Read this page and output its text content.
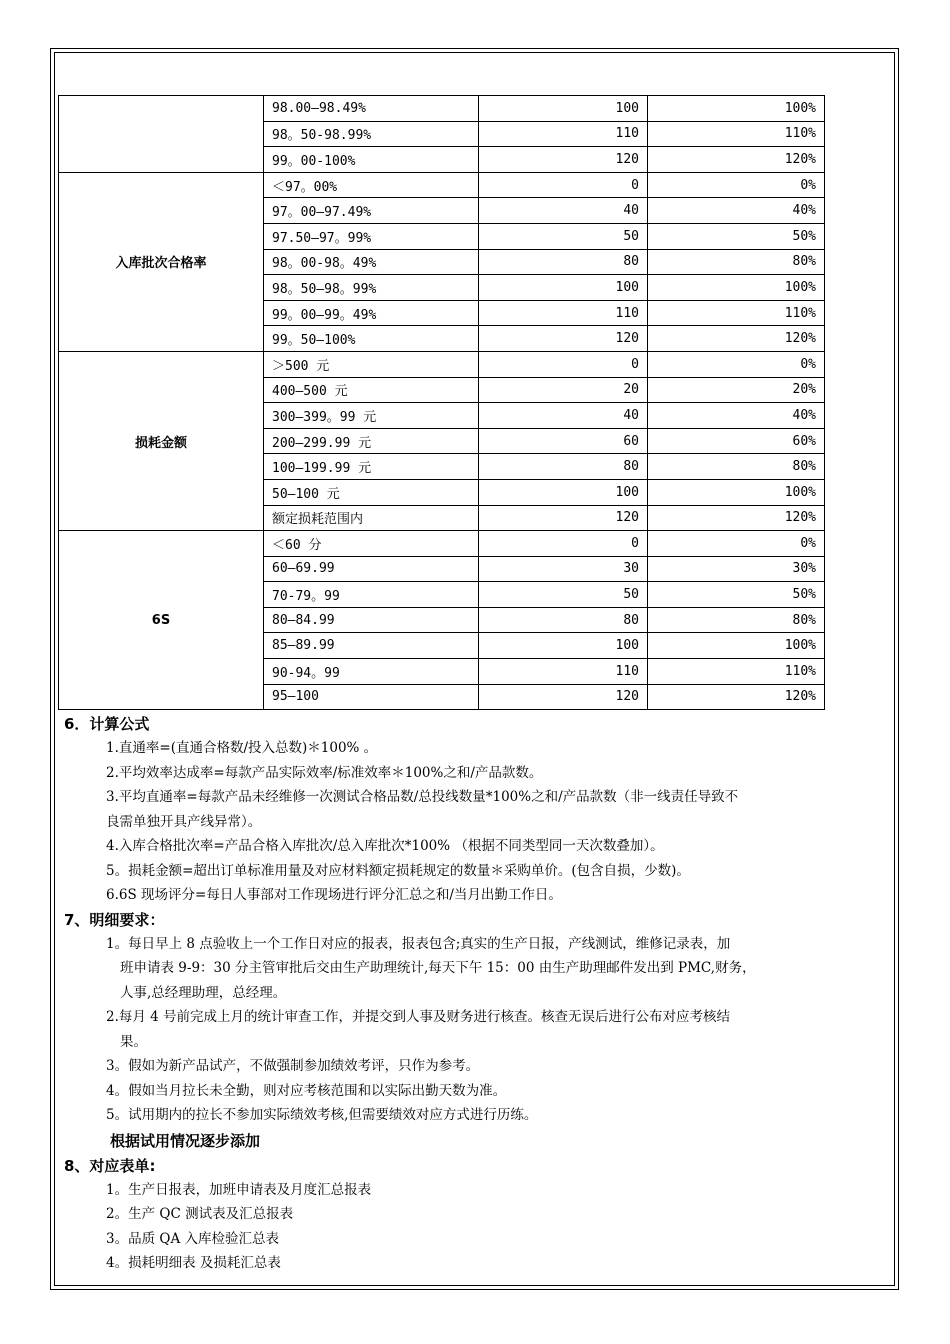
	98.00—98.49%	100	100%
	98。50-98.99%	110	110%
	99。00-100%	120	120%
入库批次合格率	＜97。00%	0	0%
	97。00—97.49%	40	40%
	97.50—97。99%	50	50%
	98。00-98。49%	80	80%
	98。50—98。99%	100	100%
	99。00—99。49%	110	110%
	99。50—100%	120	120%
损耗金额	＞500 元	0	0%
	400—500 元	20	20%
	300—399。99 元	40	40%
	200—299.99 元	60	60%
	100—199.99 元	80	80%
	50—100 元	100	100%
	额定损耗范围内	120	120%
6S	＜60 分	0	0%
	60—69.99	30	30%
	70-79。99	50	50%
	80—84.99	80	80%
	85—89.99	100	100%
	90-94。99	110	110%
	95—100	120	120%
6．计算公式
1.直通率=(直通合格数/投入总数)＊100% 。
2.平均效率达成率=每款产品实际效率/标准效率＊100%之和/产品款数。
3.平均直通率=每款产品未经维修一次测试合格品数/总投线数量*100%之和/产品款数（非一线责任导致不
良需单独开具产线异常）。
4.入库合格批次率=产品合格入库批次/总入库批次*100% （根据不同类型同一天次数叠加）。
5。损耗金额=超出订单标准用量及对应材料额定损耗规定的数量＊采购单价。(包含自损，少数)。
6.6S 现场评分=每日人事部对工作现场进行评分汇总之和/当月出勤工作日。
7、明细要求：
1。每日早上 8 点验收上一个工作日对应的报表，报表包含;真实的生产日报，产线测试，维修记录表，加
班申请表 9-9：30 分主管审批后交由生产助理统计,每天下午 15：00 由生产助理邮件发出到 PMC,财务，
人事,总经理助理，总经理。
2.每月 4 号前完成上月的统计审查工作，并提交到人事及财务进行核查。核查无误后进行公布对应考核结
果。
3。假如为新产品试产，不做强制参加绩效考评，只作为参考。
4。假如当月拉长未全勤，则对应考核范围和以实际出勤天数为准。
5。试用期内的拉长不参加实际绩效考核,但需要绩效对应方式进行历练。
根据试用情况逐步添加
8、对应表单:
1。生产日报表，加班申请表及月度汇总报表
2。生产 QC 测试表及汇总报表
3。品质 QA 入库检验汇总表
4。损耗明细表 及损耗汇总表
